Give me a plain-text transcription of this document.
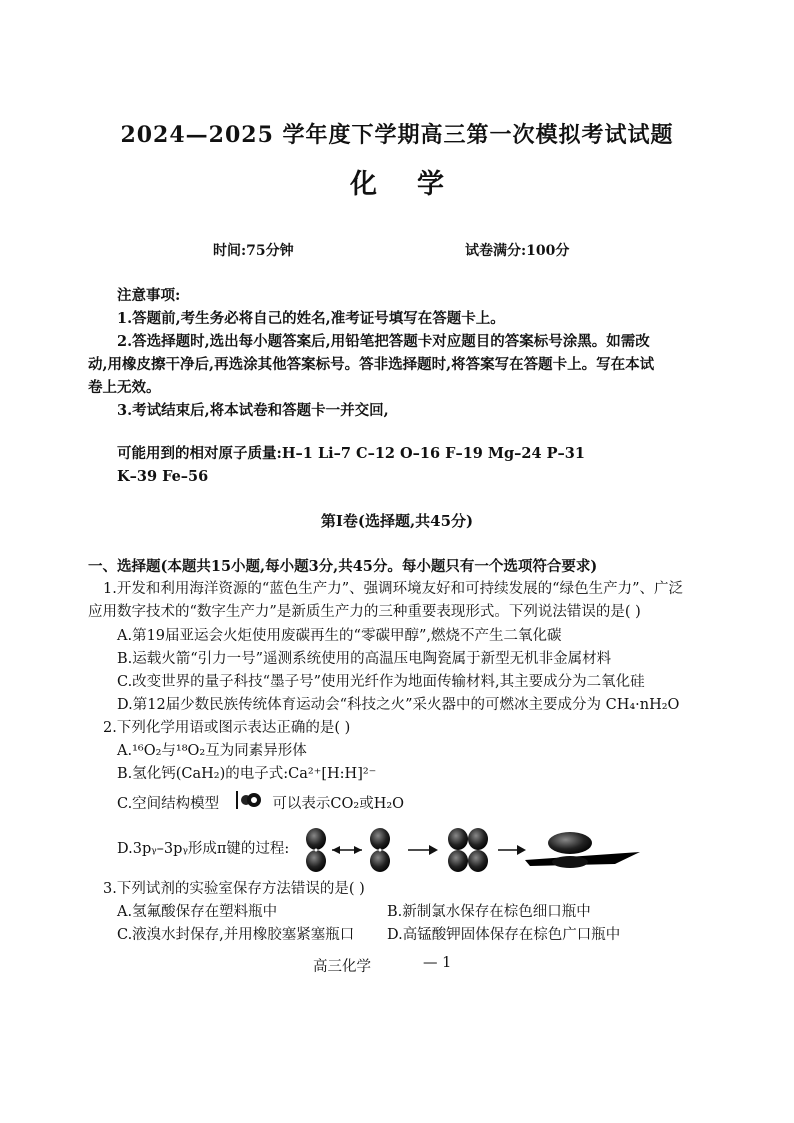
2024—2025 学年度下学期高三第一次模拟考试试题
化学
时间:75分钟	试卷满分:100分
注意事项:
1.答题前,考生务必将自己的姓名,准考证号填写在答题卡上。
2.答选择题时,选出每小题答案后,用铅笔把答题卡对应题目的答案标号涂黑。如需改
动,用橡皮擦干净后,再选涂其他答案标号。答非选择题时,将答案写在答题卡上。写在本试
卷上无效。
3.考试结束后,将本试卷和答题卡一并交回,
可能用到的相对原子质量:H–1 Li–7 C–12 O–16 F–19 Mg–24 P–31
K–39 Fe–56
第Ⅰ卷(选择题,共45分)
一、选择题(本题共15小题,每小题3分,共45分。每小题只有一个选项符合要求)
1.开发和利用海洋资源的“蓝色生产力”、强调环境友好和可持续发展的“绿色生产力”、广泛
应用数字技术的“数字生产力”是新质生产力的三种重要表现形式。下列说法错误的是( )
A.第19届亚运会火炬使用废碳再生的“零碳甲醇”,燃烧不产生二氧化碳
B.运载火箭“引力一号”遥测系统使用的高温压电陶瓷属于新型无机非金属材料
C.改变世界的量子科技“墨子号”使用光纤作为地面传输材料,其主要成分为二氧化硅
D.第12届少数民族传统体育运动会“科技之火”采火器中的可燃冰主要成分为 CH₄·nH₂O
2.下列化学用语或图示表达正确的是( )
A.¹⁶O₂与¹⁸O₂互为同素异形体
B.氢化钙(CaH₂)的电子式:Ca²⁺[H:H]²⁻
C.空间结构模型	可以表示CO₂或H₂O
D.3pᵧ–3pᵧ形成π键的过程:
3.下列试剂的实验室保存方法错误的是( )
A.氢氟酸保存在塑料瓶中	B.新制氯水保存在棕色细口瓶中
C.液溴水封保存,并用橡胶塞紧塞瓶口 D.高锰酸钾固体保存在棕色广口瓶中
高三化学	— 1
